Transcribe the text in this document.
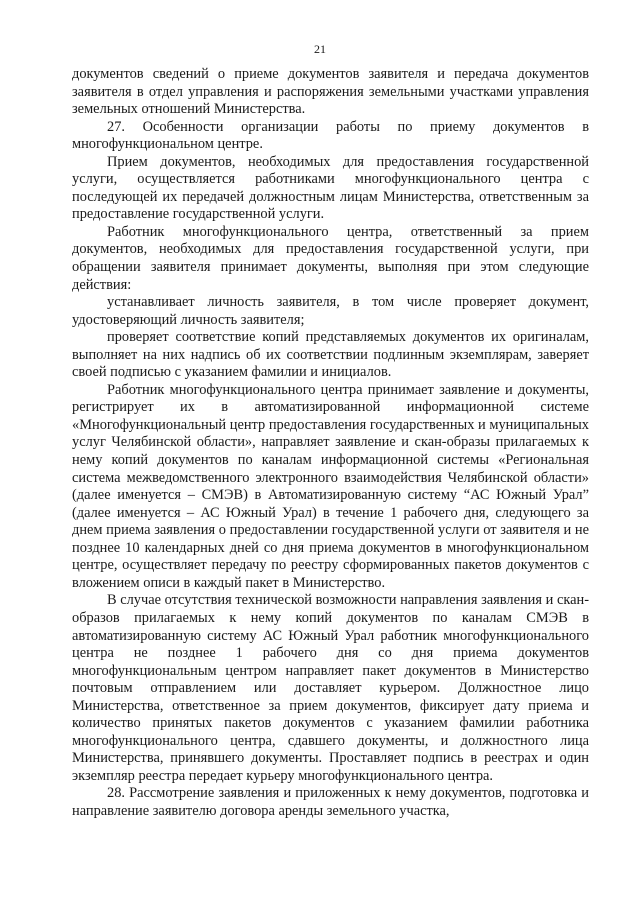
21

документов сведений о приеме документов заявителя и передача документов заявителя в отдел управления и распоряжения земельными участками управления земельных отношений Министерства.

27. Особенности организации работы по приему документов в многофункциональном центре.

Прием документов, необходимых для предоставления государственной услуги, осуществляется работниками многофункционального центра с последующей их передачей должностным лицам Министерства, ответственным за предоставление государственной услуги.

Работник многофункционального центра, ответственный за прием документов, необходимых для предоставления государственной услуги, при обращении заявителя принимает документы, выполняя при этом следующие действия:

устанавливает личность заявителя, в том числе проверяет документ, удостоверяющий личность заявителя;

проверяет соответствие копий представляемых документов их оригиналам, выполняет на них надпись об их соответствии подлинным экземплярам, заверяет своей подписью с указанием фамилии и инициалов.

Работник многофункционального центра принимает заявление и документы, регистрирует их в автоматизированной информационной системе «Многофункциональный центр предоставления государственных и муниципальных услуг Челябинской области», направляет заявление и скан-образы прилагаемых к нему копий документов по каналам информационной системы «Региональная система межведомственного электронного взаимодействия Челябинской области» (далее именуется – СМЭВ) в Автоматизированную систему “АС Южный Урал” (далее именуется – АС Южный Урал) в течение 1 рабочего дня, следующего за днем приема заявления о предоставлении государственной услуги от заявителя и не позднее 10 календарных дней со дня приема документов в многофункциональном центре, осуществляет передачу по реестру сформированных пакетов документов с вложением описи в каждый пакет в Министерство.

В случае отсутствия технической возможности направления заявления и скан-образов прилагаемых к нему копий документов по каналам СМЭВ в автоматизированную систему АС Южный Урал работник многофункционального центра не позднее 1 рабочего дня со дня приема документов многофункциональным центром направляет пакет документов в Министерство почтовым отправлением или доставляет курьером. Должностное лицо Министерства, ответственное за прием документов, фиксирует дату приема и количество принятых пакетов документов с указанием фамилии работника многофункционального центра, сдавшего документы, и должностного лица Министерства, принявшего документы. Проставляет подпись в реестрах и один экземпляр реестра передает курьеру многофункционального центра.

28. Рассмотрение заявления и приложенных к нему документов, подготовка и направление заявителю договора аренды земельного участка,
